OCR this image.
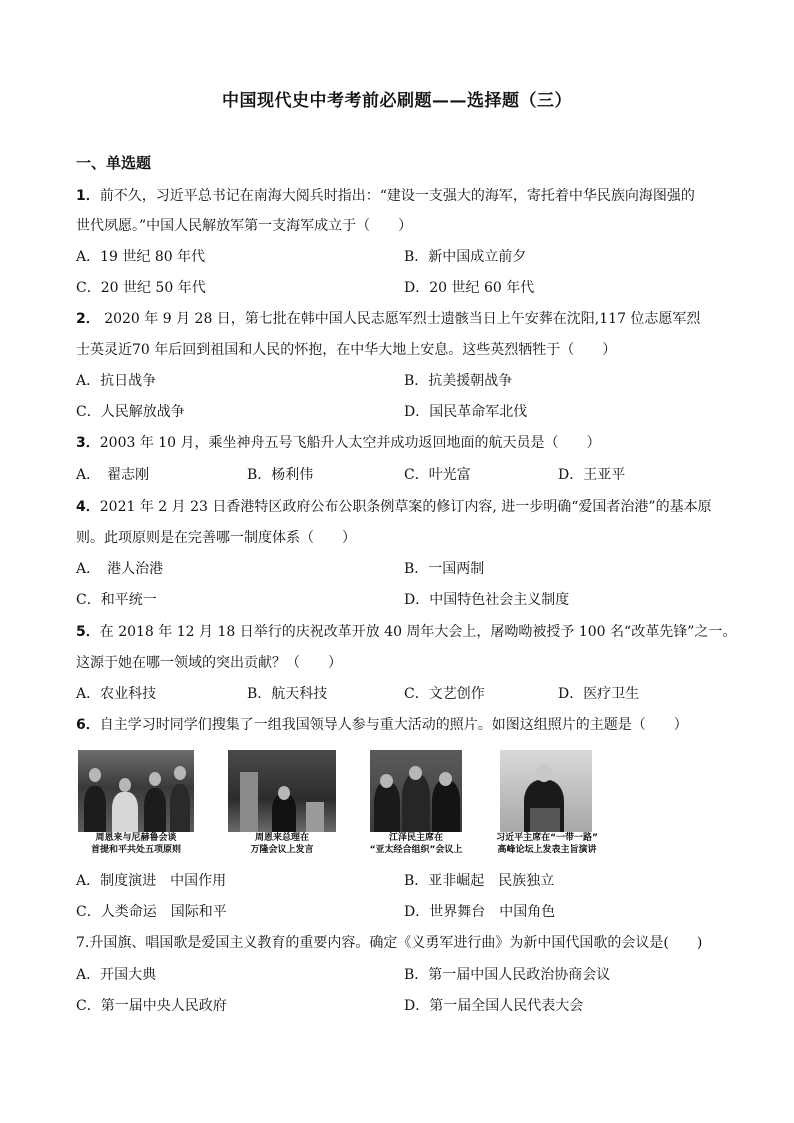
中国现代史中考考前必刷题——选择题（三）
一、单选题
1．前不久，习近平总书记在南海大阅兵时指出：“建设一支强大的海军，寄托着中华民族向海图强的
世代夙愿。”中国人民解放军第一支海军成立于（　　）
A．19 世纪 80 年代	B．新中国成立前夕
C．20 世纪 50 年代	D．20 世纪 60 年代
2． 2020 年 9 月 28 日，第七批在韩中国人民志愿军烈士遗骸当日上午安葬在沈阳,117 位志愿军烈
士英灵近70 年后回到祖国和人民的怀抱，在中华大地上安息。这些英烈牺牲于（　　）
A．抗日战争	B．抗美援朝战争
C．人民解放战争	D．国民革命军北伐
3．2003 年 10 月，乘坐神舟五号飞船升人太空并成功返回地面的航天员是（　　）
A．　翟志刚	B．杨利伟	C．叶光富	D．王亚平
4．2021 年 2 月 23 日香港特区政府公布公职条例草案的修订内容, 进一步明确“爱国者治港”的基本原
则。此项原则是在完善哪一制度体系（　　）
A．　港人治港	B．一国两制
C．和平统一	D．中国特色社会主义制度
5．在 2018 年 12 月 18 日举行的庆祝改革开放 40 周年大会上，屠呦呦被授予 100 名“改革先锋”之一。
这源于她在哪一领域的突出贡献？（　　）
A．农业科技	B．航天科技	C．文艺创作	D．医疗卫生
6．自主学习时同学们搜集了一组我国领导人参与重大活动的照片。如图这组照片的主题是（　　）
周恩来与尼赫鲁会谈
首提和平共处五项原则
周恩来总理在
万隆会议上发言
江泽民主席在
“亚太经合组织”会议上
习近平主席在“一带一路”
高峰论坛上发表主旨演讲
A．制度演进　中国作用	B．亚非崛起　民族独立
C．人类命运　国际和平	D．世界舞台　中国角色
7.升国旗、唱国歌是爱国主义教育的重要内容。确定《义勇军进行曲》为新中国代国歌的会议是(　　)
A．开国大典	B．第一届中国人民政治协商会议
C．第一届中央人民政府	D．第一届全国人民代表大会
